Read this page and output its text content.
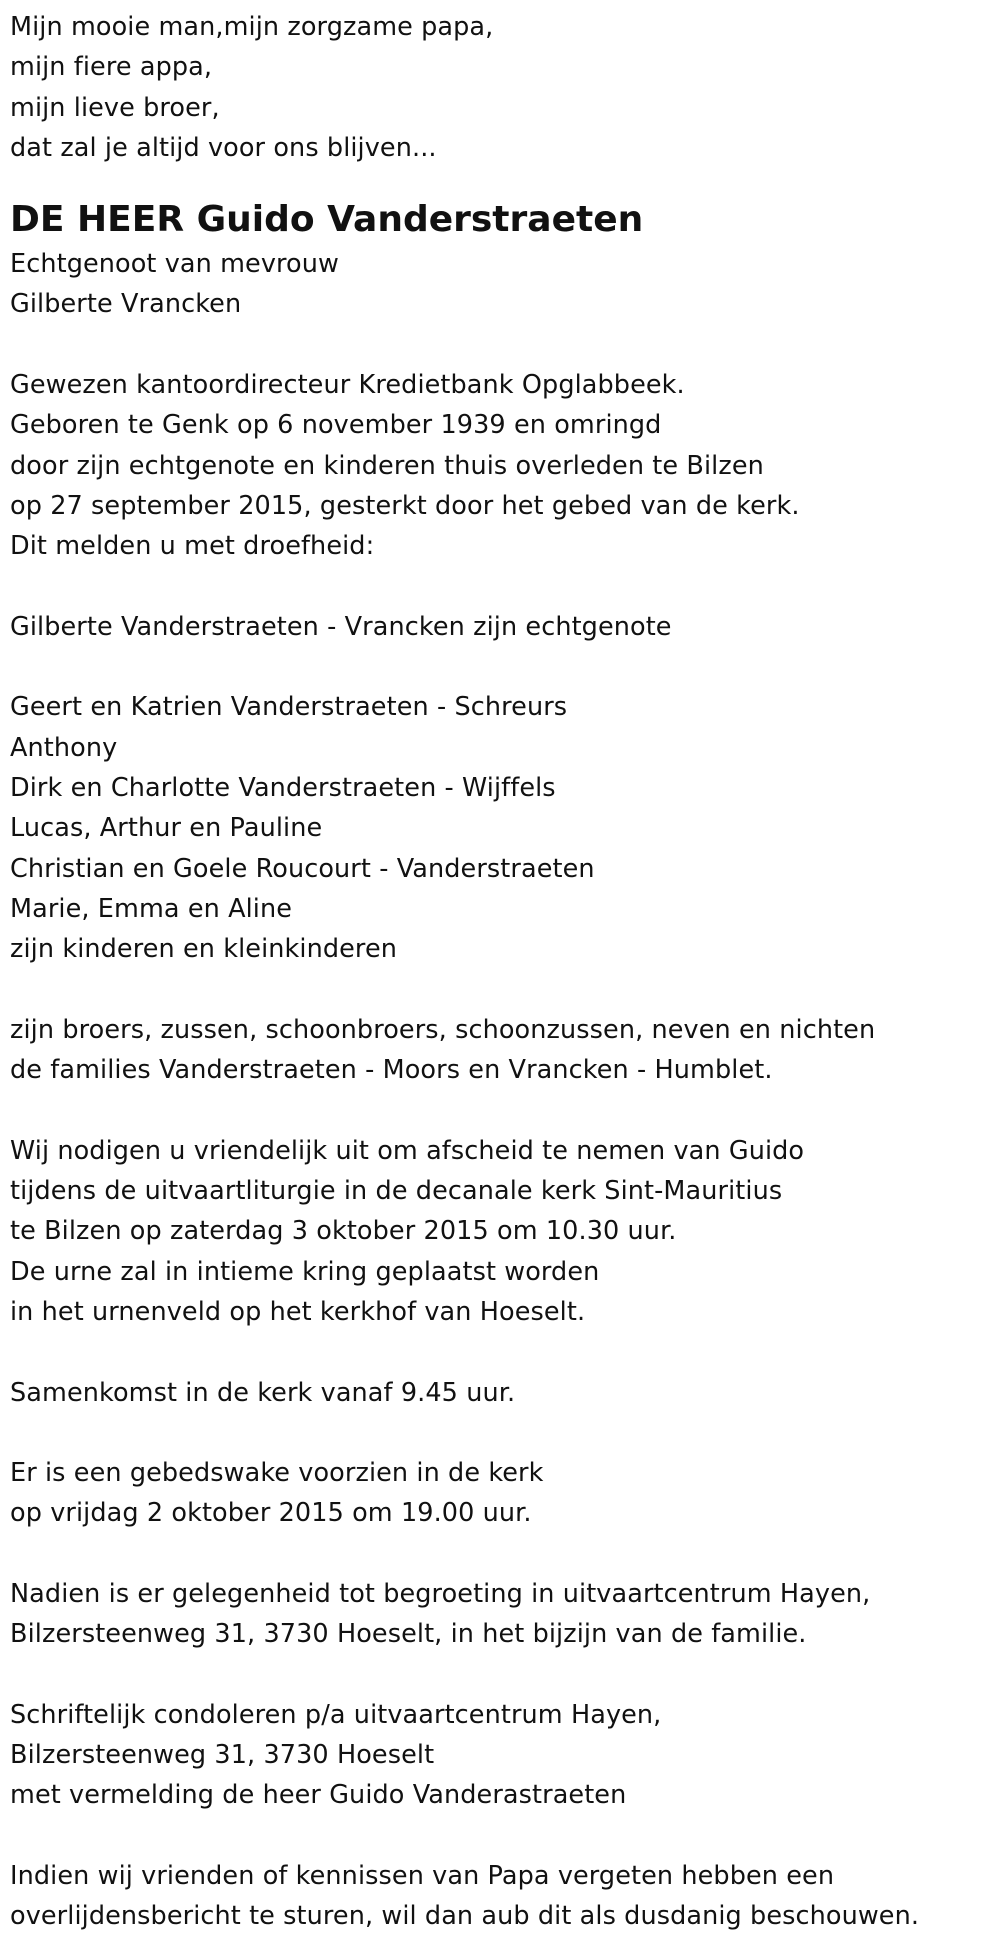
Mijn mooie man,mijn zorgzame papa,
mijn fiere appa,
mijn lieve broer,
dat zal je altijd voor ons blijven...
DE HEER Guido Vanderstraeten
Echtgenoot van mevrouw
Gilberte Vrancken
Gewezen kantoordirecteur Kredietbank Opglabbeek.
Geboren te Genk op 6 november 1939 en omringd
door zijn echtgenote en kinderen thuis overleden te Bilzen
op 27 september 2015, gesterkt door het gebed van de kerk.
Dit melden u met droefheid:
Gilberte Vanderstraeten - Vrancken zijn echtgenote
Geert en Katrien Vanderstraeten - Schreurs
Anthony
Dirk en Charlotte Vanderstraeten - Wijffels
Lucas, Arthur en Pauline
Christian en Goele Roucourt - Vanderstraeten
Marie, Emma en Aline
zijn kinderen en kleinkinderen
zijn broers, zussen, schoonbroers, schoonzussen, neven en nichten
de families Vanderstraeten - Moors en Vrancken - Humblet.
Wij nodigen u vriendelijk uit om afscheid te nemen van Guido
tijdens de uitvaartliturgie in de decanale kerk Sint-Mauritius
te Bilzen op zaterdag 3 oktober 2015 om 10.30 uur.
De urne zal in intieme kring geplaatst worden
in het urnenveld op het kerkhof van Hoeselt.
Samenkomst in de kerk vanaf 9.45 uur.
Er is een gebedswake voorzien in de kerk
op vrijdag 2 oktober 2015 om 19.00 uur.
Nadien is er gelegenheid tot begroeting in uitvaartcentrum Hayen,
Bilzersteenweg 31, 3730 Hoeselt, in het bijzijn van de familie.
Schriftelijk condoleren p/a uitvaartcentrum Hayen,
Bilzersteenweg 31, 3730 Hoeselt
met vermelding de heer Guido Vanderastraeten
Indien wij vrienden of kennissen van Papa vergeten hebben een
overlijdensbericht te sturen, wil dan aub dit als dusdanig beschouwen.
